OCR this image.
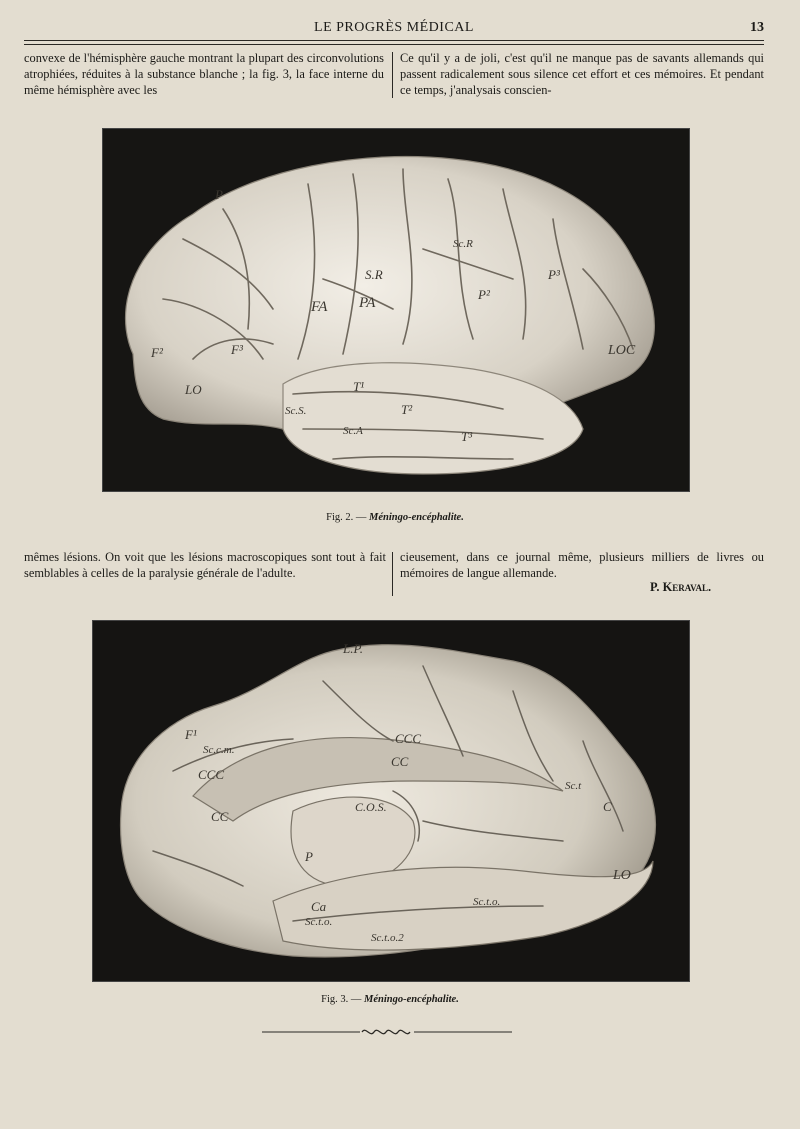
LE PROGRÈS MÉDICAL	13

convexe de l'hémisphère gauche montrant la plupart des circonvolutions atrophiées, réduites à la substance blanche ; la fig. 3, la face interne du même hémisphère avec les

Ce qu'il y a de joli, c'est qu'il ne manque pas de savants allemands qui passent radicalement sous silence cet effort et ces mémoires. Et pendant ce temps, j'analysais conscien-

P
F²	F³
LO
FA PA
S.R
Sc.R
P²
P³
LOC
Sc.S.
T¹
Sc.A
T²
T³
Fig. 2. — Méningo-encéphalite.

mêmes lésions. On voit que les lésions macroscopiques sont tout à fait semblables à celles de la paralysie générale de l'adulte.

cieusement, dans ce journal même, plusieurs milliers de livres ou mémoires de langue allemande.

P. Keraval.
L.P.
F¹
Sc.c.m.
CCC
CCC
CC
CC
C.O.S.
P
Sc.t
C
Sc.t.o.
LO
Ca
Sc.t.o.
Sc.t.o.2
Fig. 3. — Méningo-encéphalite.
